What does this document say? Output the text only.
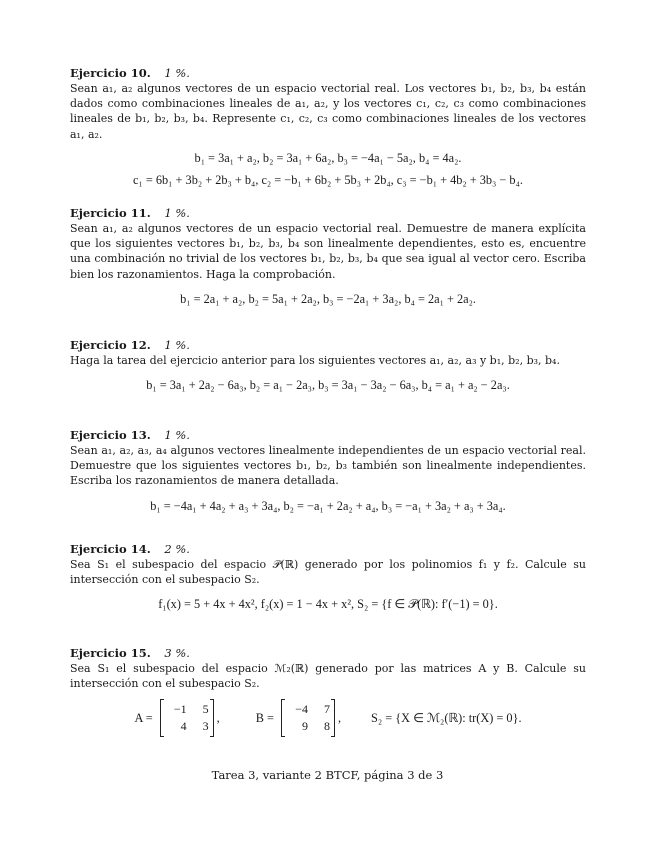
Ejercicio 10. 1 %.

Sean a₁, a₂ algunos vectores de un espacio vectorial real. Los vectores b₁, b₂, b₃, b₄ están dados como combinaciones lineales de a₁, a₂, y los vectores c₁, c₂, c₃ como combinaciones lineales de b₁, b₂, b₃, b₄. Represente c₁, c₂, c₃ como combinaciones lineales de los vectores a₁, a₂.

b₁ = 3a₁ + a₂, b₂ = 3a₁ + 6a₂, b₃ = −4a₁ − 5a₂, b₄ = 4a₂.
c₁ = 6b₁ + 3b₂ + 2b₃ + b₄, c₂ = −b₁ + 6b₂ + 5b₃ + 2b₄, c₃ = −b₁ + 4b₂ + 3b₃ − b₄.
Ejercicio 11. 1 %.

Sean a₁, a₂ algunos vectores de un espacio vectorial real. Demuestre de manera explícita que los siguientes vectores b₁, b₂, b₃, b₄ son linealmente dependientes, esto es, encuentre una combinación no trivial de los vectores b₁, b₂, b₃, b₄ que sea igual al vector cero. Escriba bien los razonamientos. Haga la comprobación.

b₁ = 2a₁ + a₂, b₂ = 5a₁ + 2a₂, b₃ = −2a₁ + 3a₂, b₄ = 2a₁ + 2a₂.
Ejercicio 12. 1 %.

Haga la tarea del ejercicio anterior para los siguientes vectores a₁, a₂, a₃ y b₁, b₂, b₃, b₄.

b₁ = 3a₁ + 2a₂ − 6a₃, b₂ = a₁ − 2a₃, b₃ = 3a₁ − 3a₂ − 6a₃, b₄ = a₁ + a₂ − 2a₃.
Ejercicio 13. 1 %.

Sean a₁, a₂, a₃, a₄ algunos vectores linealmente independientes de un espacio vectorial real. Demuestre que los siguientes vectores b₁, b₂, b₃ también son linealmente independientes. Escriba los razonamientos de manera detallada.

b₁ = −4a₁ + 4a₂ + a₃ + 3a₄, b₂ = −a₁ + 2a₂ + a₄, b₃ = −a₁ + 3a₂ + a₃ + 3a₄.
Ejercicio 14. 2 %.

Sea S₁ el subespacio del espacio 𝒫(ℝ) generado por los polinomios f₁ y f₂. Calcule su intersección con el subespacio S₂.

f₁(x) = 5 + 4x + 4x², f₂(x) = 1 − 4x + x², S₂ = {f ∈ 𝒫(ℝ): f′(−1) = 0}.
Ejercicio 15. 3 %.

Sea S₁ el subespacio del espacio ℳ₂(ℝ) generado por las matrices A y B. Calcule su intersección con el subespacio S₂.

A =
−1	5
4	3
,	B =
−4	7
9	8
, S₂ = {X ∈ ℳ₂(ℝ): tr(X) = 0}.
Tarea 3, variante 2 BTCF, página 3 de 3
